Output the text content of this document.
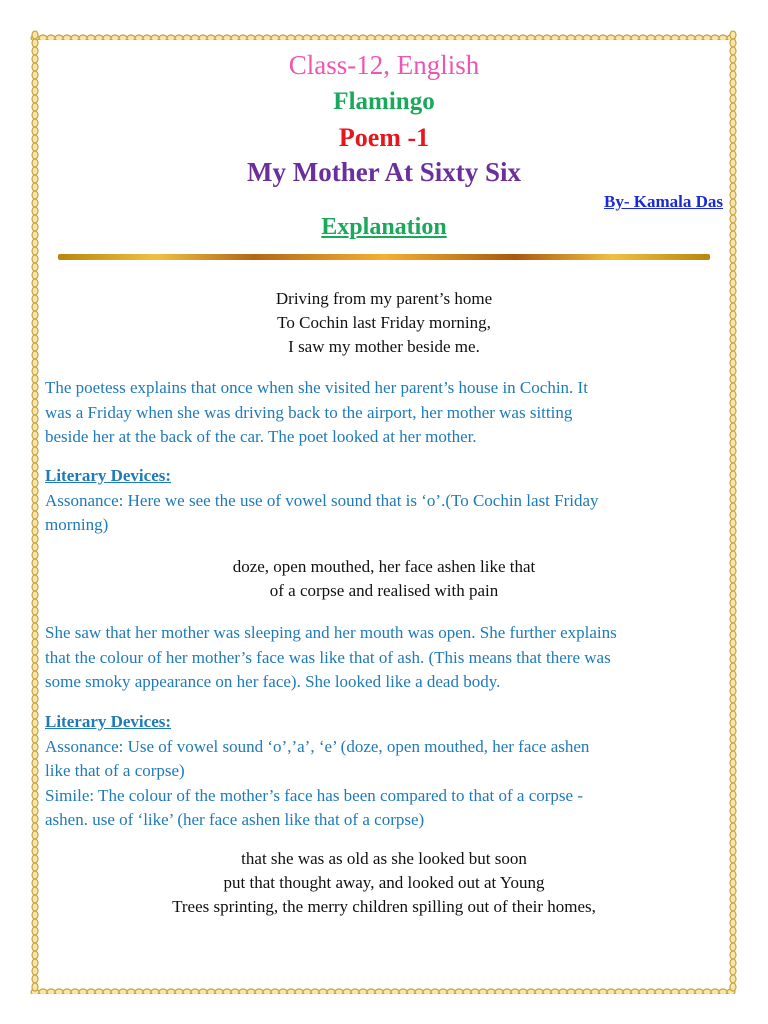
Class-12, English
Flamingo
Poem -1
My Mother At Sixty Six
By- Kamala Das
Explanation
Driving from my parent’s home
To Cochin last Friday morning,
I saw my mother beside me.
The poetess explains that once when she visited her parent’s house in Cochin. It
was a Friday when she was driving back to the airport, her mother was sitting
beside her at the back of the car. The poet looked at her mother.
Literary Devices:
Assonance: Here we see the use of vowel sound that is ‘o’.(To Cochin last Friday
morning)
doze, open mouthed, her face ashen like that
of a corpse and realised with pain
She saw that her mother was sleeping and her mouth was open. She further explains
that the colour of her mother’s face was like that of ash. (This means that there was
some smoky appearance on her face). She looked like a dead body.
Literary Devices:
Assonance: Use of vowel sound ‘o’,’a’, ‘e’ (doze, open mouthed, her face ashen
like that of a corpse)
Simile: The colour of the mother’s face has been compared to that of a corpse -
ashen. use of ‘like’ (her face ashen like that of a corpse)
that she was as old as she looked but soon
put that thought away, and looked out at Young
Trees sprinting, the merry children spilling out of their homes,
